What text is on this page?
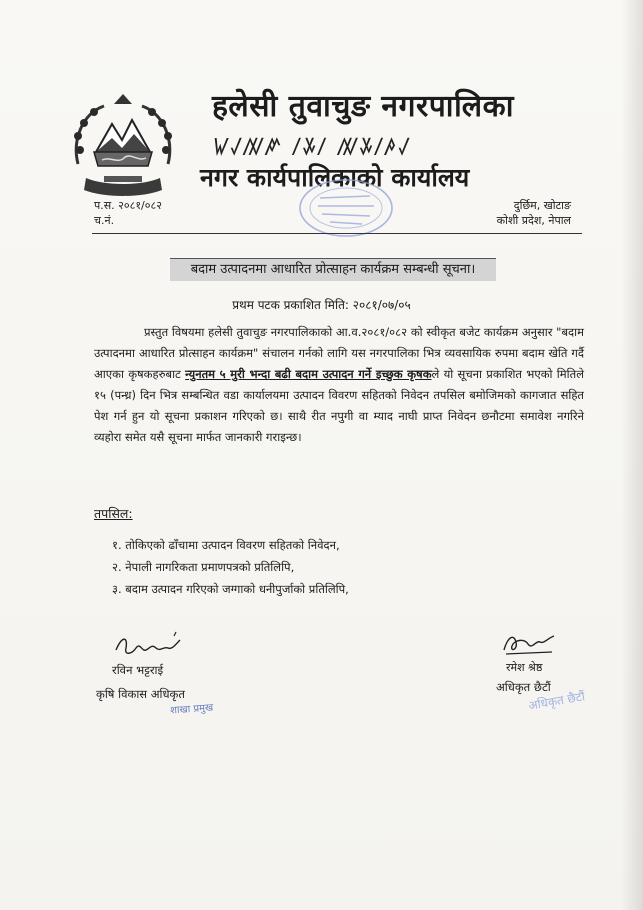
हलेसी तुवाचुङ नगरपालिका
ꤿꤶꤲꤺ ꤷꤸꤷ ꤲꤸꤷꤳꤶ
नगर कार्यपालिकाको कार्यालय
प.स. २०८१/०८२
च.नं.
दुर्छिम, खोटाङ
कोशी प्रदेश, नेपाल
बदाम उत्पादनमा आधारित प्रोत्साहन कार्यक्रम सम्बन्धी सूचना।
प्रथम पटक प्रकाशित मिति: २०८१/०७/०५
प्रस्तुत विषयमा हलेसी तुवाचुङ नगरपालिकाको आ.व.२०८१/०८२ को स्वीकृत बजेट कार्यक्रम अनुसार "बदाम उत्पादनमा आधारित प्रोत्साहन कार्यक्रम" संचालन गर्नको लागि यस नगरपालिका भित्र व्यवसायिक रुपमा बदाम खेति गर्दै आएका कृषकहरुबाट न्युनतम ५ मुरी भन्दा बढी बदाम उत्पादन गर्ने इच्छुक कृषकले यो सूचना प्रकाशित भएको मितिले १५ (पन्ध्र) दिन भित्र सम्बन्धित वडा कार्यालयमा उत्पादन विवरण सहितको निवेदन तपसिल बमोजिमको कागजात सहित पेश गर्न हुन यो सूचना प्रकाशन गरिएको छ। साथै रीत नपुगी वा म्याद नाघी प्राप्त निवेदन छनौटमा समावेश नगरिने व्यहोरा समेत यसै सूचना मार्फत जानकारी गराइन्छ।
तपसिल:
१. तोकिएको ढाँचामा उत्पादन विवरण सहितको निवेदन,
२. नेपाली नागरिकता प्रमाणपत्रको प्रतिलिपि,
३. बदाम उत्पादन गरिएको जग्गाको धनीपुर्जाको प्रतिलिपि,
रविन भट्टराई
कृषि विकास अधिकृत
शाखा प्रमुख
रमेश श्रेष्ठ
अधिकृत छैटौं
अधिकृत छैटौं
